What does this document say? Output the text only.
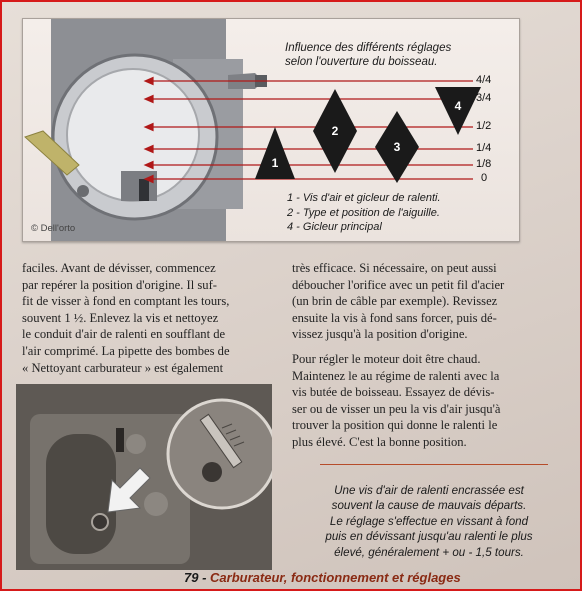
1
2
3
4
Influence des différents réglages
selon l'ouverture du boisseau.
4/4
3/4
1/2
1/4
1/8
0
1 - Vis d'air et gicleur de ralenti.
2 - Type et position de l'aiguille.
4 - Gicleur principal
© Dell'orto

faciles. Avant de dévisser, commencez
par repérer la position d'origine. Il suf-
fit de visser à fond en comptant les tours,
souvent 1 ½. Enlevez la vis et nettoyez
le conduit d'air de ralenti en soufflant de
l'air comprimé. La pipette des bombes de
« Nettoyant carburateur » est également

très efficace. Si nécessaire, on peut aussi
déboucher l'orifice avec un petit fil d'acier
(un brin de câble par exemple). Revissez
ensuite la vis à fond sans forcer, puis dé-
vissez jusqu'à la position d'origine.

Pour régler le moteur doit être chaud.
Maintenez le au régime de ralenti avec la
vis butée de boisseau. Essayez de dévis-
ser ou de visser un peu la vis d'air jusqu'à
trouver la position qui donne le ralenti le
plus élevé. C'est la bonne position.

Une vis d'air de ralenti encrassée est
souvent la cause de mauvais départs.
Le réglage s'effectue en vissant à fond
puis en dévissant jusqu'au ralenti le plus
élevé, généralement + ou - 1,5 tours.
79 - Carburateur, fonctionnement et réglages
